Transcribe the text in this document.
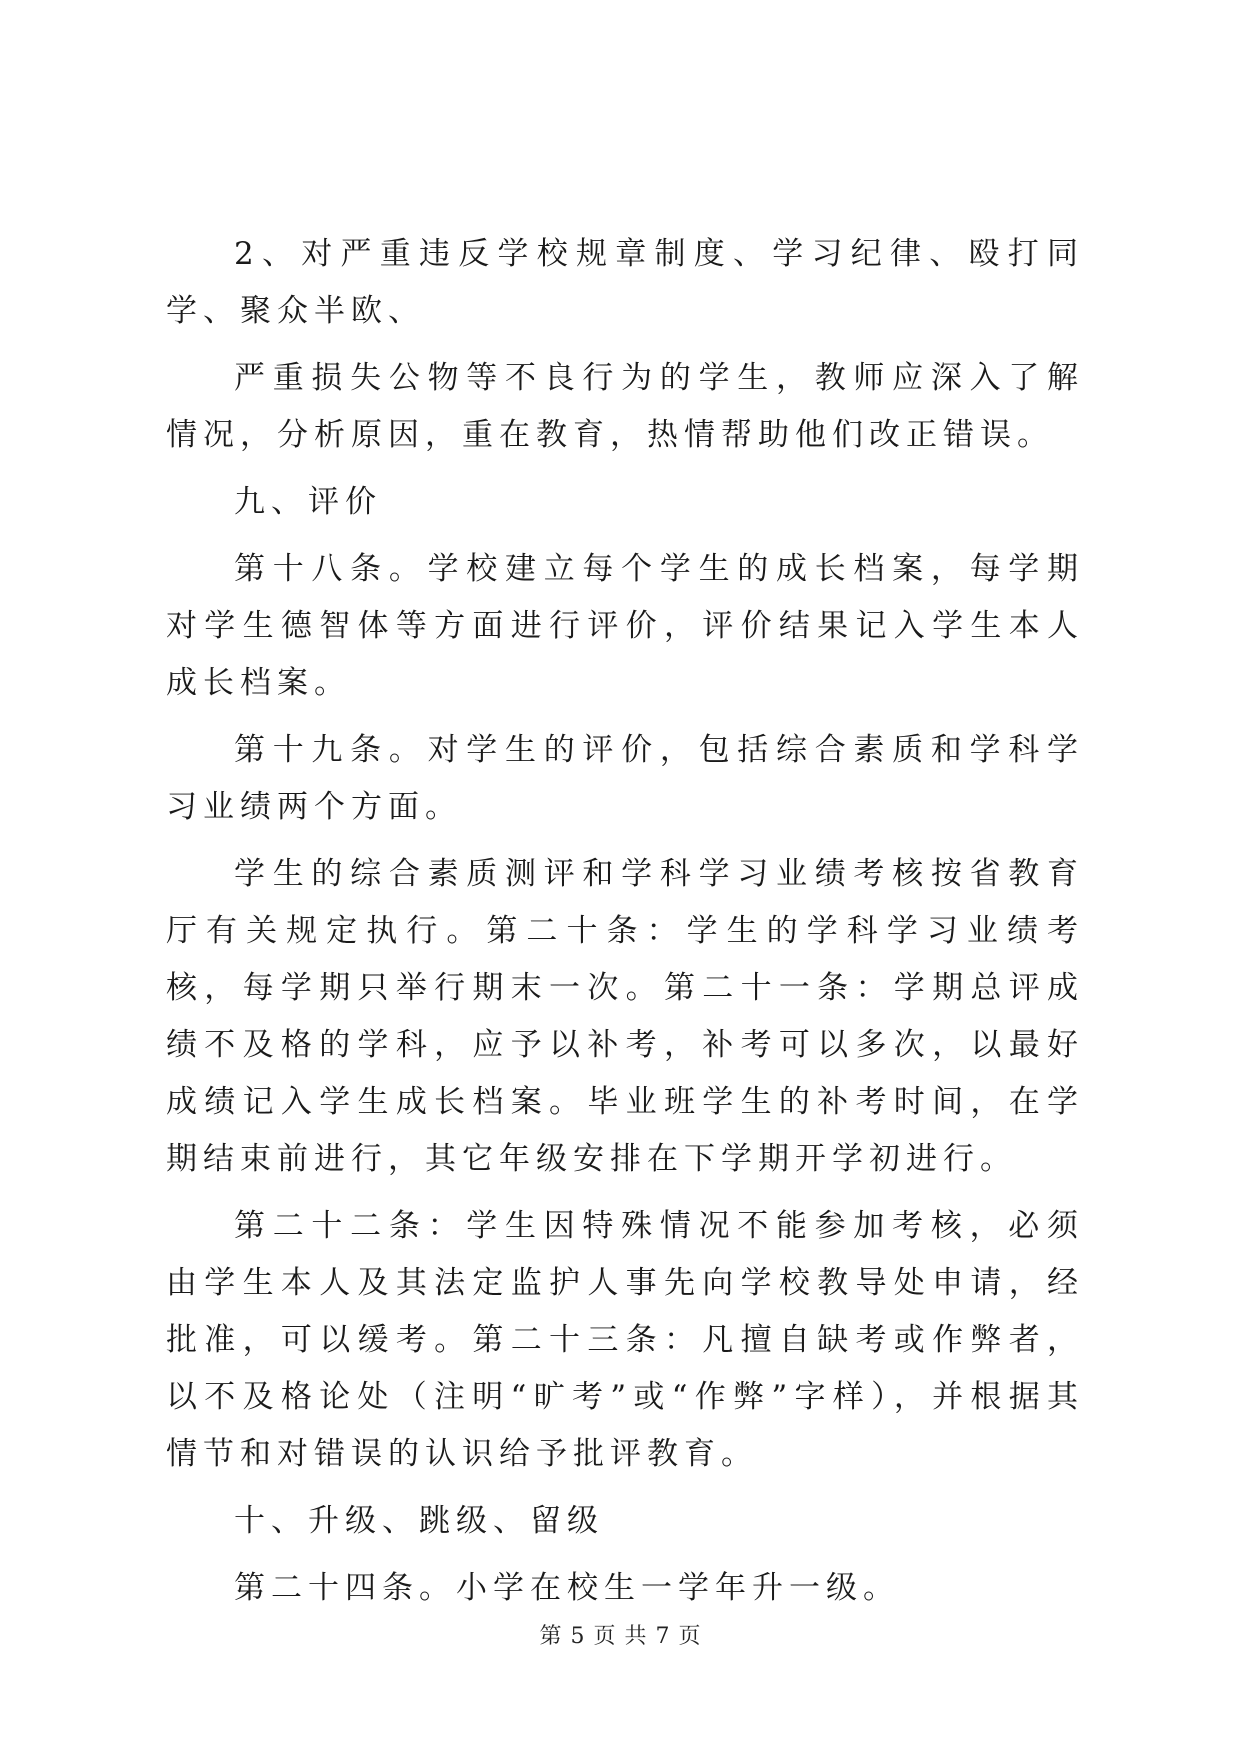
2、对严重违反学校规章制度、学习纪律、殴打同学、聚众半欧、

严重损失公物等不良行为的学生，教师应深入了解情况，分析原因，重在教育，热情帮助他们改正错误。

九、评价

第十八条。学校建立每个学生的成长档案，每学期对学生德智体等方面进行评价，评价结果记入学生本人成长档案。

第十九条。对学生的评价，包括综合素质和学科学习业绩两个方面。

学生的综合素质测评和学科学习业绩考核按省教育厅有关规定执行。第二十条：学生的学科学习业绩考核，每学期只举行期末一次。第二十一条：学期总评成绩不及格的学科，应予以补考，补考可以多次，以最好成绩记入学生成长档案。毕业班学生的补考时间，在学期结束前进行，其它年级安排在下学期开学初进行。

第二十二条：学生因特殊情况不能参加考核，必须由学生本人及其法定监护人事先向学校教导处申请，经批准，可以缓考。第二十三条：凡擅自缺考或作弊者，以不及格论处（注明“旷考”或“作弊”字样），并根据其情节和对错误的认识给予批评教育。

十、升级、跳级、留级

第二十四条。小学在校生一学年升一级。

第 5 页 共 7 页
